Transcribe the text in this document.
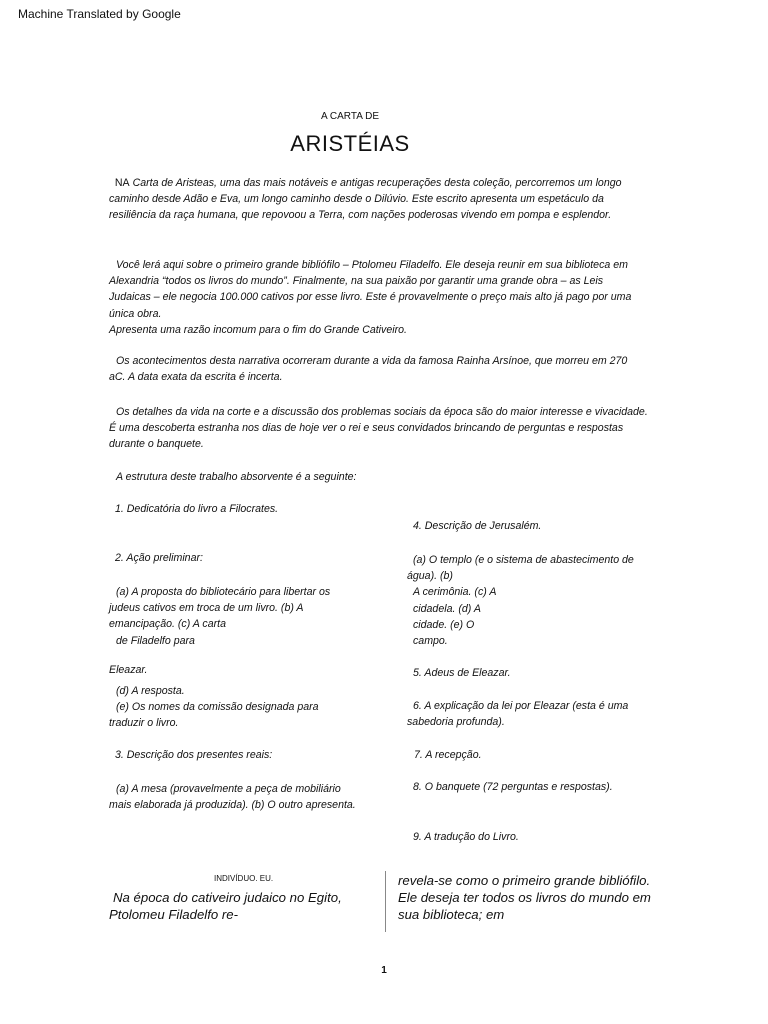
Machine Translated by Google
A CARTA DE
ARISTÉIAS
NA Carta de Aristeas, uma das mais notáveis e antigas recuperações desta coleção, percorremos um longo
caminho desde Adão e Eva, um longo caminho desde o Dilúvio. Este escrito apresenta um espetáculo da
resiliência da raça humana, que repovoou a Terra, com nações poderosas vivendo em pompa e esplendor.
Você lerá aqui sobre o primeiro grande bibliófilo – Ptolomeu Filadelfo. Ele deseja reunir em sua biblioteca em
Alexandria “todos os livros do mundo”. Finalmente, na sua paixão por garantir uma grande obra – as Leis
Judaicas – ele negocia 100.000 cativos por esse livro. Este é provavelmente o preço mais alto já pago por uma
única obra.
Apresenta uma razão incomum para o fim do Grande Cativeiro.
Os acontecimentos desta narrativa ocorreram durante a vida da famosa Rainha Arsínoe, que morreu em 270
aC. A data exata da escrita é incerta.
Os detalhes da vida na corte e a discussão dos problemas sociais da época são do maior interesse e vivacidade.
É uma descoberta estranha nos dias de hoje ver o rei e seus convidados brincando de perguntas e respostas
durante o banquete.
A estrutura deste trabalho absorvente é a seguinte:
1. Dedicatória do livro a Filocrates.
2. Ação preliminar:
(a) A proposta do bibliotecário para libertar os
judeus cativos em troca de um livro. (b) A
emancipação. (c) A carta
de Filadelfo para
Eleazar.
(d) A resposta.
(e) Os nomes da comissão designada para
traduzir o livro.
3. Descrição dos presentes reais:
(a) A mesa (provavelmente a peça de mobiliário
mais elaborada já produzida). (b) O outro apresenta.
4. Descrição de Jerusalém.
(a) O templo (e o sistema de abastecimento de
água). (b)
A cerimônia. (c) A
cidadela. (d) A
cidade. (e) O
campo.
5. Adeus de Eleazar.
6. A explicação da lei por Eleazar (esta é uma
sabedoria profunda).
7. A recepção.
8. O banquete (72 perguntas e respostas).
9. A tradução do Livro.
INDIVÍDUO. EU.
Na época do cativeiro judaico no Egito,
Ptolomeu Filadelfo re-
revela-se como o primeiro grande bibliófilo.
Ele deseja ter todos os livros do mundo em
sua biblioteca; em
1
